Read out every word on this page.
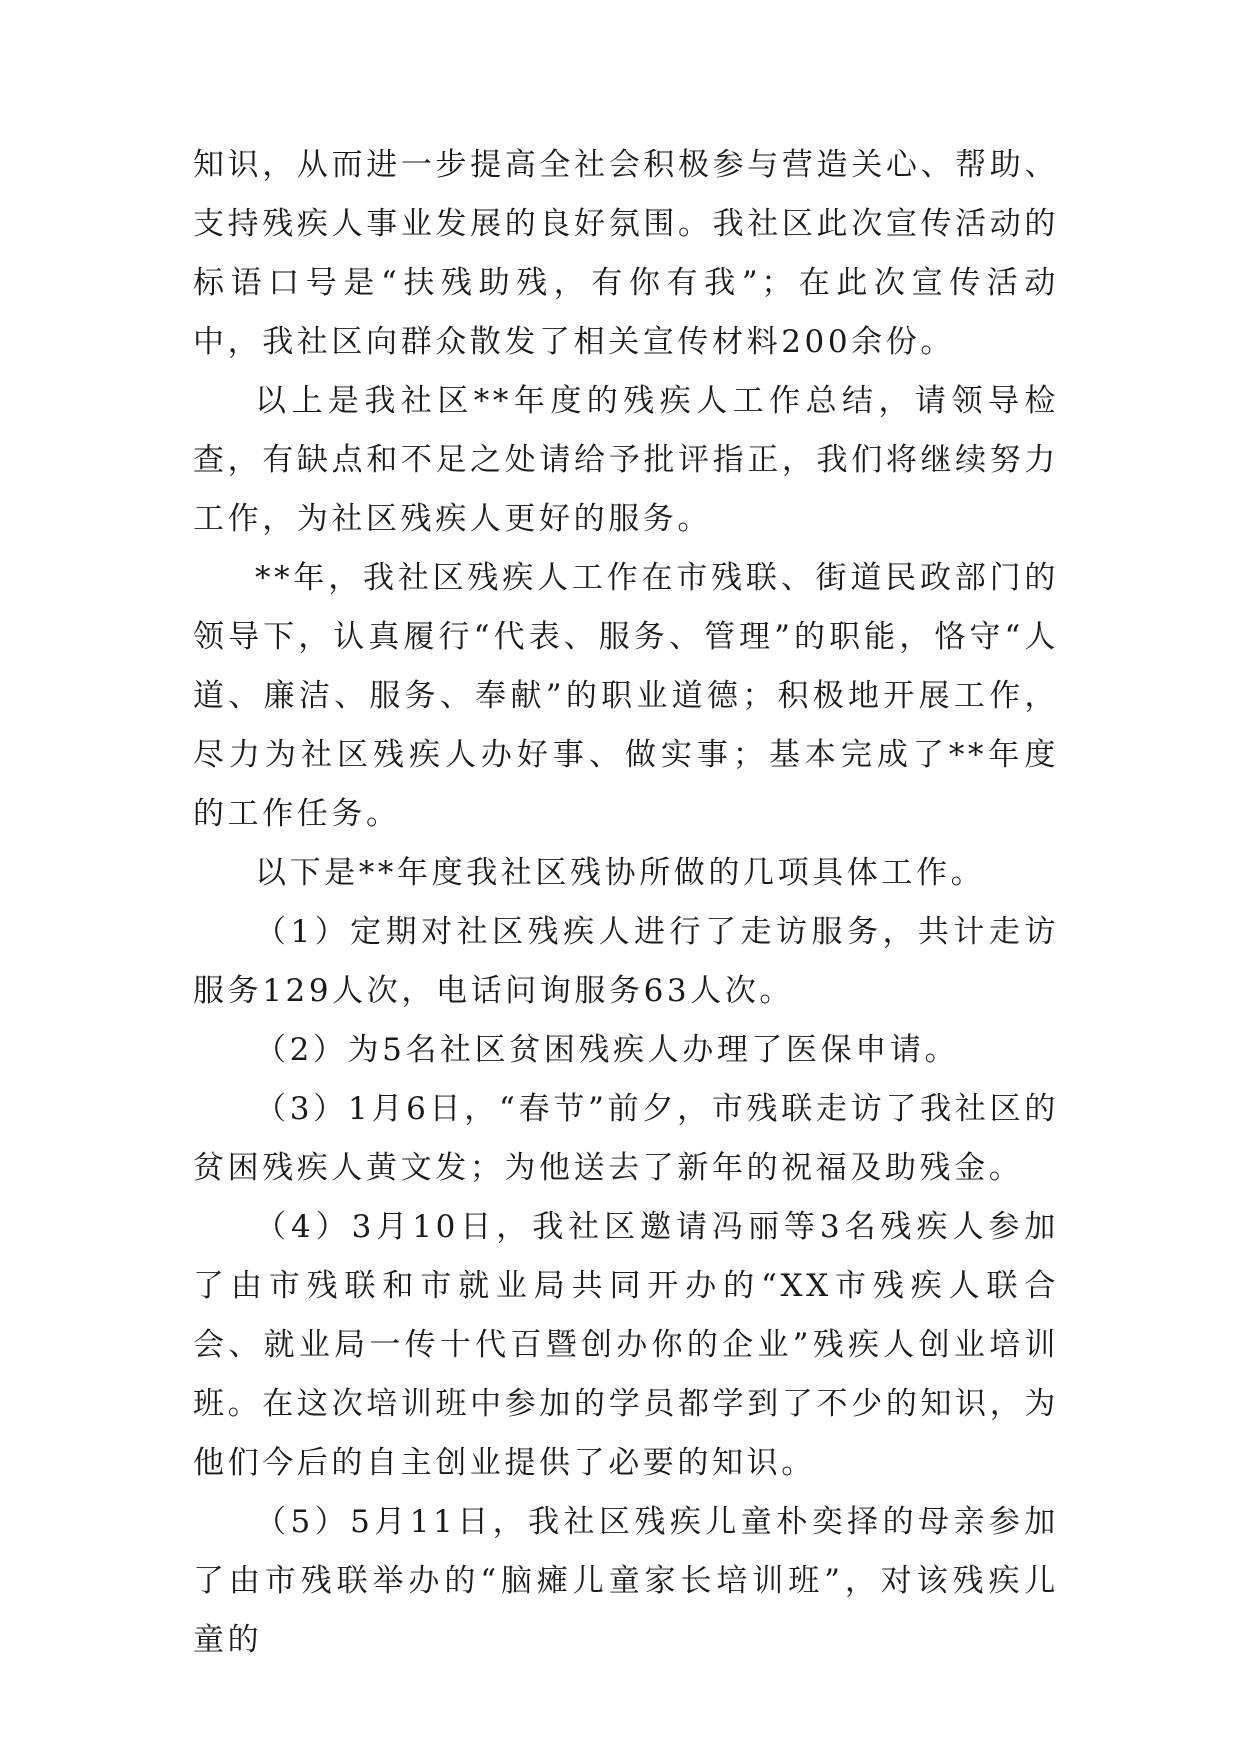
知识，从而进一步提高全社会积极参与营造关心、帮助、支持残疾人事业发展的良好氛围。我社区此次宣传活动的标语口号是“扶残助残，有你有我”；在此次宣传活动中，我社区向群众散发了相关宣传材料200余份。

以上是我社区**年度的残疾人工作总结，请领导检查，有缺点和不足之处请给予批评指正，我们将继续努力工作，为社区残疾人更好的服务。

**年，我社区残疾人工作在市残联、街道民政部门的领导下，认真履行“代表、服务、管理”的职能，恪守“人道、廉洁、服务、奉献”的职业道德；积极地开展工作，尽力为社区残疾人办好事、做实事；基本完成了**年度的工作任务。

以下是**年度我社区残协所做的几项具体工作。

（1）定期对社区残疾人进行了走访服务，共计走访服务129人次，电话问询服务63人次。

（2）为5名社区贫困残疾人办理了医保申请。

（3）1月6日，“春节”前夕，市残联走访了我社区的贫困残疾人黄文发；为他送去了新年的祝福及助残金。

（4）3月10日，我社区邀请冯丽等3名残疾人参加了由市残联和市就业局共同开办的“XX市残疾人联合会、就业局一传十代百暨创办你的企业”残疾人创业培训班。在这次培训班中参加的学员都学到了不少的知识，为他们今后的自主创业提供了必要的知识。

（5）5月11日，我社区残疾儿童朴奕择的母亲参加了由市残联举办的“脑瘫儿童家长培训班”，对该残疾儿童的
